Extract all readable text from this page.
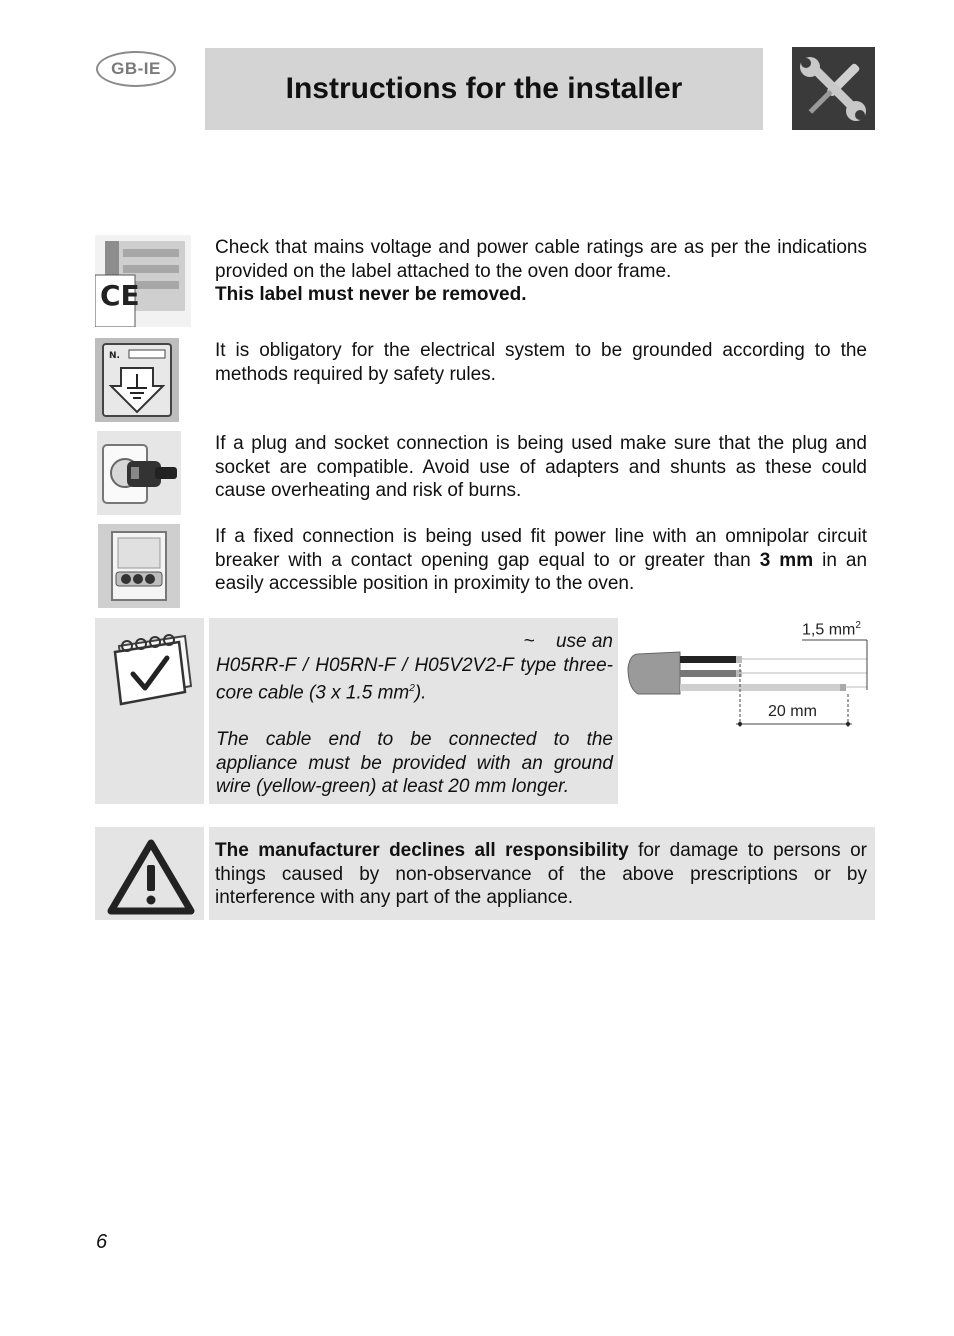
GB-IE
Instructions for the installer
CE

Check that mains voltage and power cable ratings are as per the indications provided on the label attached to the oven door frame.

This label must never be removed.

N.	It is obligatory for the electrical system to be grounded according to the methods required by safety rules.

If a plug and socket connection is being used make sure that the plug and socket are compatible. Avoid use of adapters and shunts as these could cause overheating and risk of burns.

If a fixed connection is being used fit power line with an omnipolar circuit breaker with a contact opening gap equal to or greater than 3 mm in an easily accessible position in proximity to the oven.

~ use an

H05RR-F / H05RN-F / H05V2V2-F type three-core cable (3 x 1.5 $mm^2$).

The cable end to be connected to the appliance must be provided with an ground wire (yellow-green) at least 20 mm longer.

1,5 $mm^2$
20 mm

The manufacturer declines all responsibility for damage to persons or things caused by non-observance of the above prescriptions or by interference with any part of the appliance.

6
